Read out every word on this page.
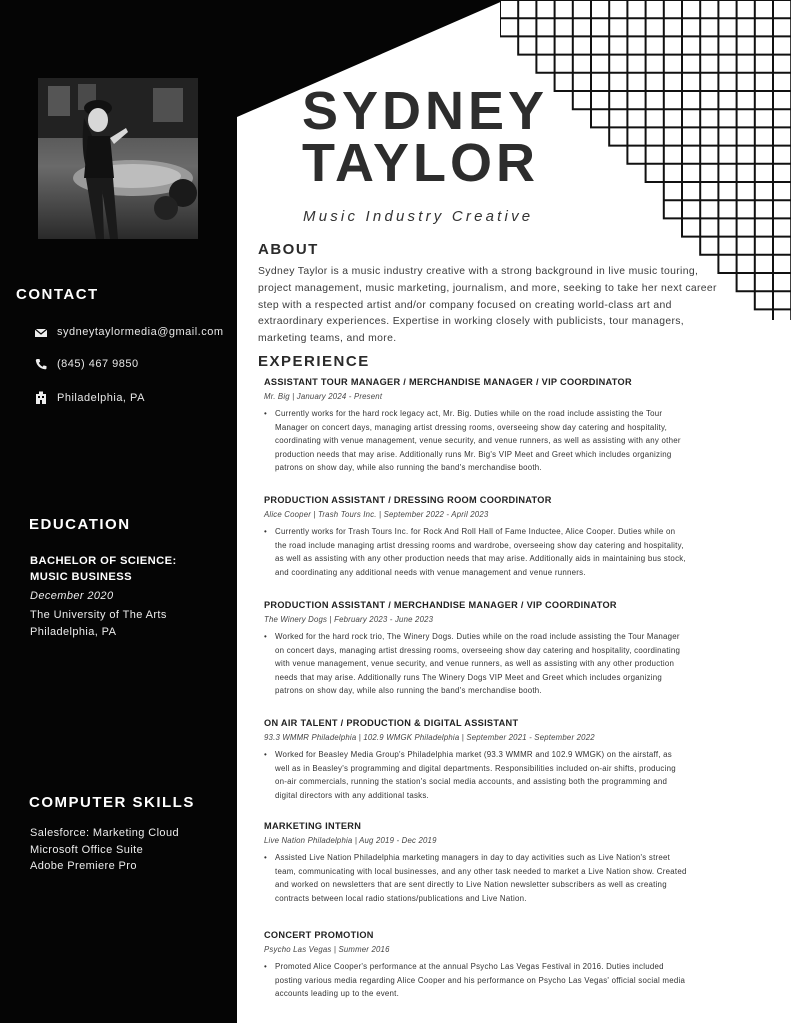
SYDNEY
TAYLOR
Music Industry Creative
CONTACT
sydneytaylormedia@gmail.com
(845) 467 9850
Philadelphia, PA
EDUCATION
BACHELOR OF SCIENCE:
MUSIC BUSINESS
December 2020
The University of The Arts
Philadelphia, PA
COMPUTER SKILLS
Salesforce: Marketing Cloud
Microsoft Office Suite
Adobe Premiere Pro
ABOUT
Sydney Taylor is a music industry creative with a strong background in live music touring, project management, music marketing, journalism, and more, seeking to take her next career step with a respected artist and/or company focused on creating world-class art and extraordinary experiences. Expertise in working closely with publicists, tour managers, marketing teams, and more.
EXPERIENCE
ASSISTANT TOUR MANAGER / MERCHANDISE MANAGER / VIP COORDINATOR
Mr. Big | January 2024 - Present
• Currently works for the hard rock legacy act, Mr. Big. Duties while on the road include assisting the Tour Manager on concert days, managing artist dressing rooms, overseeing show day catering and hospitality, coordinating with venue management, venue security, and venue runners, as well as assisting with any other production needs that may arise. Additionally runs Mr. Big's VIP Meet and Greet which includes organizing patrons on show day, while also running the band's merchandise booth.
PRODUCTION ASSISTANT / DRESSING ROOM COORDINATOR
Alice Cooper | Trash Tours Inc. | September 2022 - April 2023
• Currently works for Trash Tours Inc. for Rock And Roll Hall of Fame Inductee, Alice Cooper. Duties while on the road include managing artist dressing rooms and wardrobe, overseeing show day catering and hospitality, as well as assisting with any other production needs that may arise. Additionally aids in maintaining bus stock, and coordinating any additional needs with venue management and venue runners.
PRODUCTION ASSISTANT / MERCHANDISE MANAGER / VIP COORDINATOR
The Winery Dogs | February 2023 - June 2023
• Worked for the hard rock trio, The Winery Dogs. Duties while on the road include assisting the Tour Manager on concert days, managing artist dressing rooms, overseeing show day catering and hospitality, coordinating with venue management, venue security, and venue runners, as well as assisting with any other production needs that may arise. Additionally runs The Winery Dogs VIP Meet and Greet which includes organizing patrons on show day, while also running the band's merchandise booth.
ON AIR TALENT / PRODUCTION & DIGITAL ASSISTANT
93.3 WMMR Philadelphia | 102.9 WMGK Philadelphia | September 2021 - September 2022
• Worked for Beasley Media Group's Philadelphia market (93.3 WMMR and 102.9 WMGK) on the airstaff, as well as in Beasley's programming and digital departments. Responsibilities included on-air shifts, producing on-air commercials, running the station's social media accounts, and assisting both the programming and digital directors with any additional tasks.
MARKETING INTERN
Live Nation Philadelphia | Aug 2019 - Dec 2019
• Assisted Live Nation Philadelphia marketing managers in day to day activities such as Live Nation's street team, communicating with local businesses, and any other task needed to market a Live Nation show. Created and worked on newsletters that are sent directly to Live Nation newsletter subscribers as well as creating contracts between local radio stations/publications and Live Nation.
CONCERT PROMOTION
Psycho Las Vegas | Summer 2016
• Promoted Alice Cooper's performance at the annual Psycho Las Vegas Festival in 2016. Duties included posting various media regarding Alice Cooper and his performance on Psycho Las Vegas' official social media accounts leading up to the event.
